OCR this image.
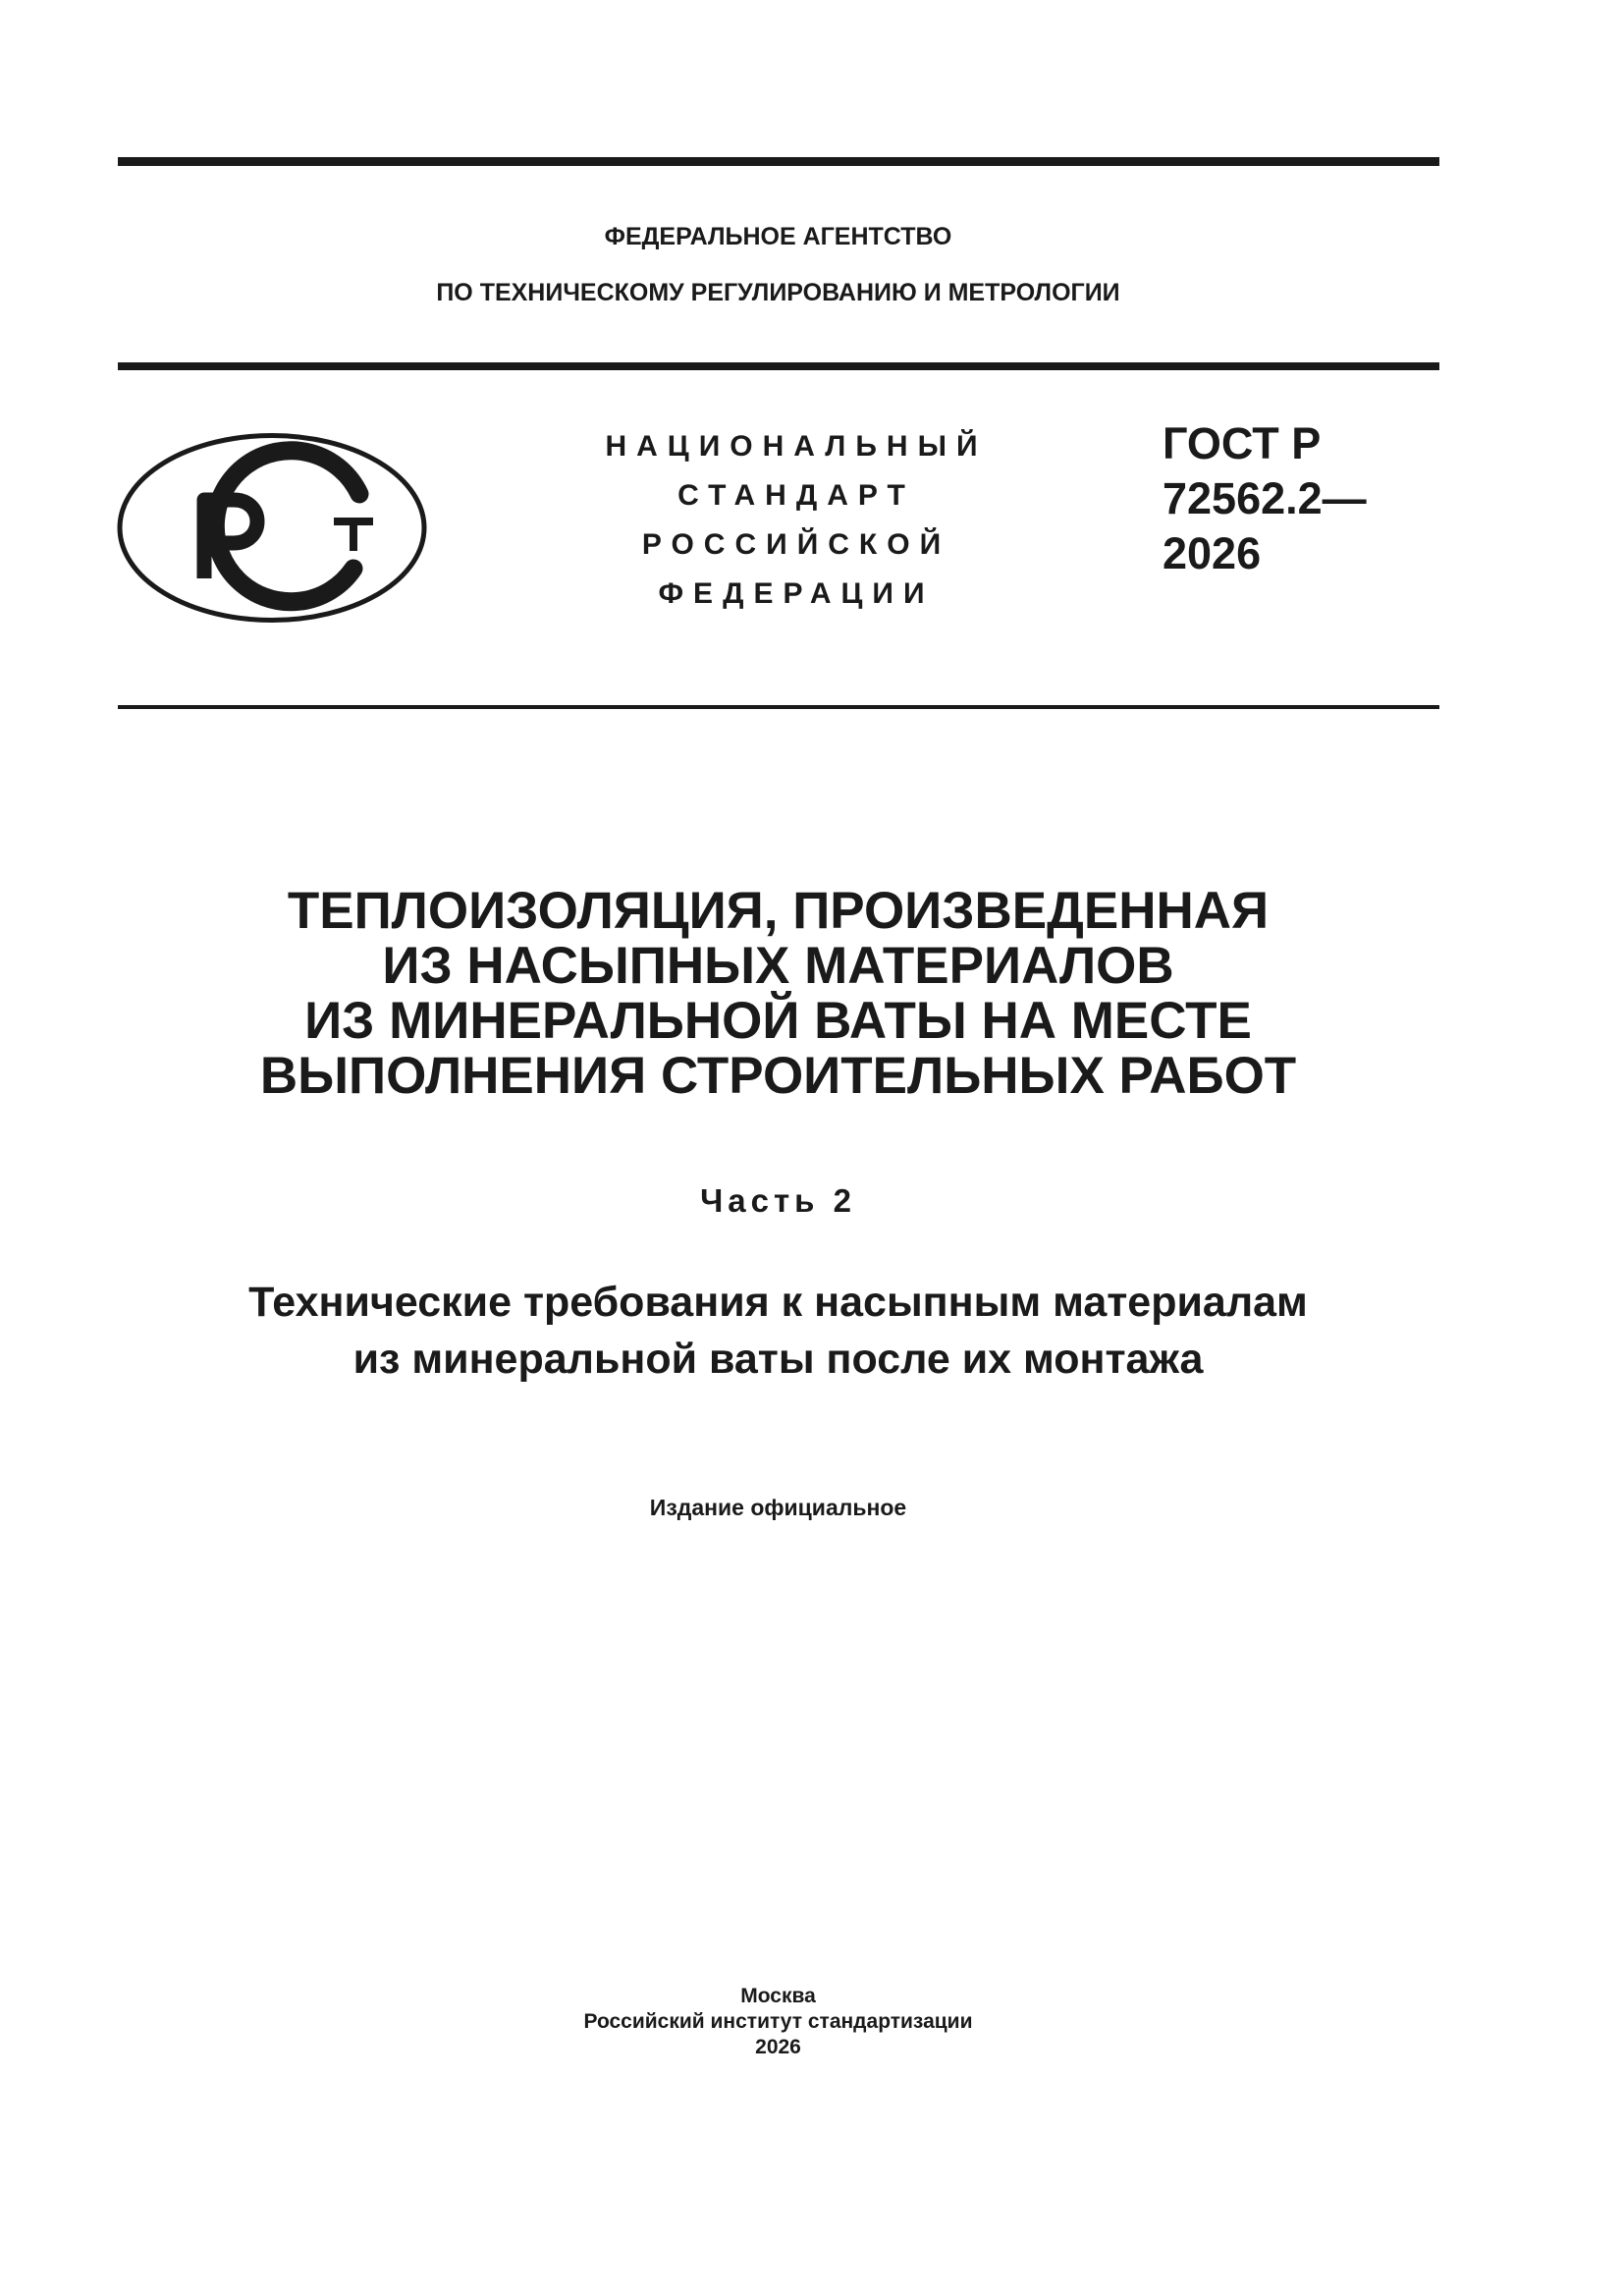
ФЕДЕРАЛЬНОЕ АГЕНТСТВО
ПО ТЕХНИЧЕСКОМУ РЕГУЛИРОВАНИЮ И МЕТРОЛОГИИ
НАЦИОНАЛЬНЫЙ
СТАНДАРТ
РОССИЙСКОЙ
ФЕДЕРАЦИИ
ГОСТ Р
72562.2—
2026
ТЕПЛОИЗОЛЯЦИЯ, ПРОИЗВЕДЕННАЯ
ИЗ НАСЫПНЫХ МАТЕРИАЛОВ
ИЗ МИНЕРАЛЬНОЙ ВАТЫ НА МЕСТЕ
ВЫПОЛНЕНИЯ СТРОИТЕЛЬНЫХ РАБОТ
Часть 2
Технические требования к насыпным материалам
из минеральной ваты после их монтажа
Издание официальное
Москва
Российский институт стандартизации
2026
